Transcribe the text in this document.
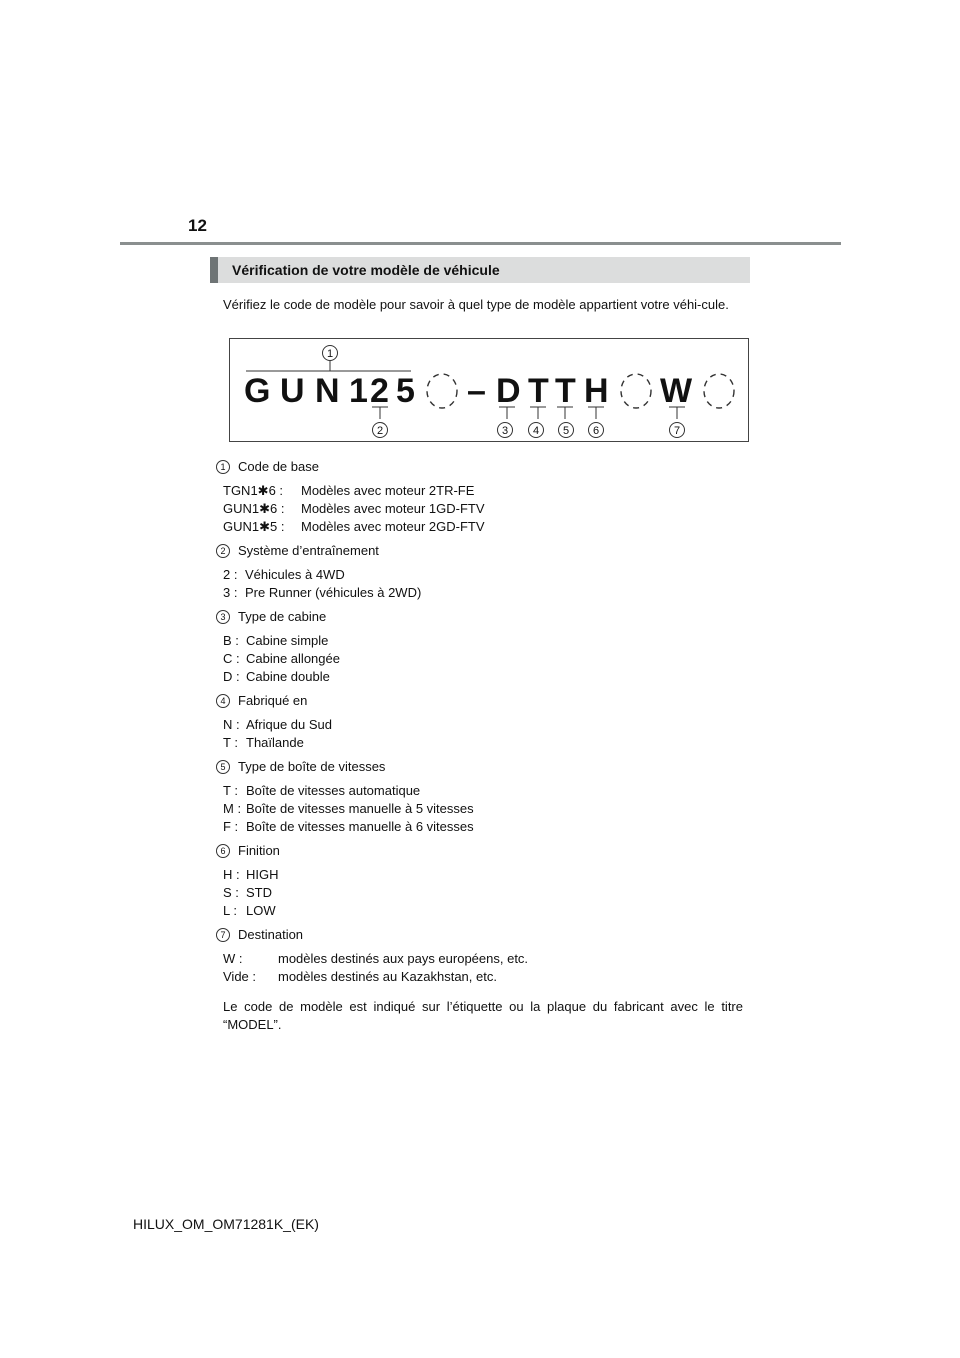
12
Vérification de votre modèle de véhicule
Vérifiez le code de modèle pour savoir à quel type de modèle appartient votre véhi-cule.
1
G U N 1 2 5 – D T T H W
2	3 4 5 6	7
1 Code de base
TGN1✱6 :	Modèles avec moteur 2TR-FE
GUN1✱6 :	Modèles avec moteur 1GD-FTV
GUN1✱5 :	Modèles avec moteur 2GD-FTV
2 Système d’entraînement
2 : Véhicules à 4WD
3 : Pre Runner (véhicules à 2WD)
3 Type de cabine
B : Cabine simple
C : Cabine allongée
D : Cabine double
4 Fabriqué en
N : Afrique du Sud
T : Thaïlande
5 Type de boîte de vitesses
T : Boîte de vitesses automatique
M : Boîte de vitesses manuelle à 5 vitesses
F : Boîte de vitesses manuelle à 6 vitesses
6 Finition
H : HIGH
S : STD
L : LOW
7 Destination
W :	modèles destinés aux pays européens, etc.
Vide :	modèles destinés au Kazakhstan, etc.
Le code de modèle est indiqué sur l’étiquette ou la plaque du fabricant avec le titre “MODEL”.
HILUX_OM_OM71281K_(EK)
